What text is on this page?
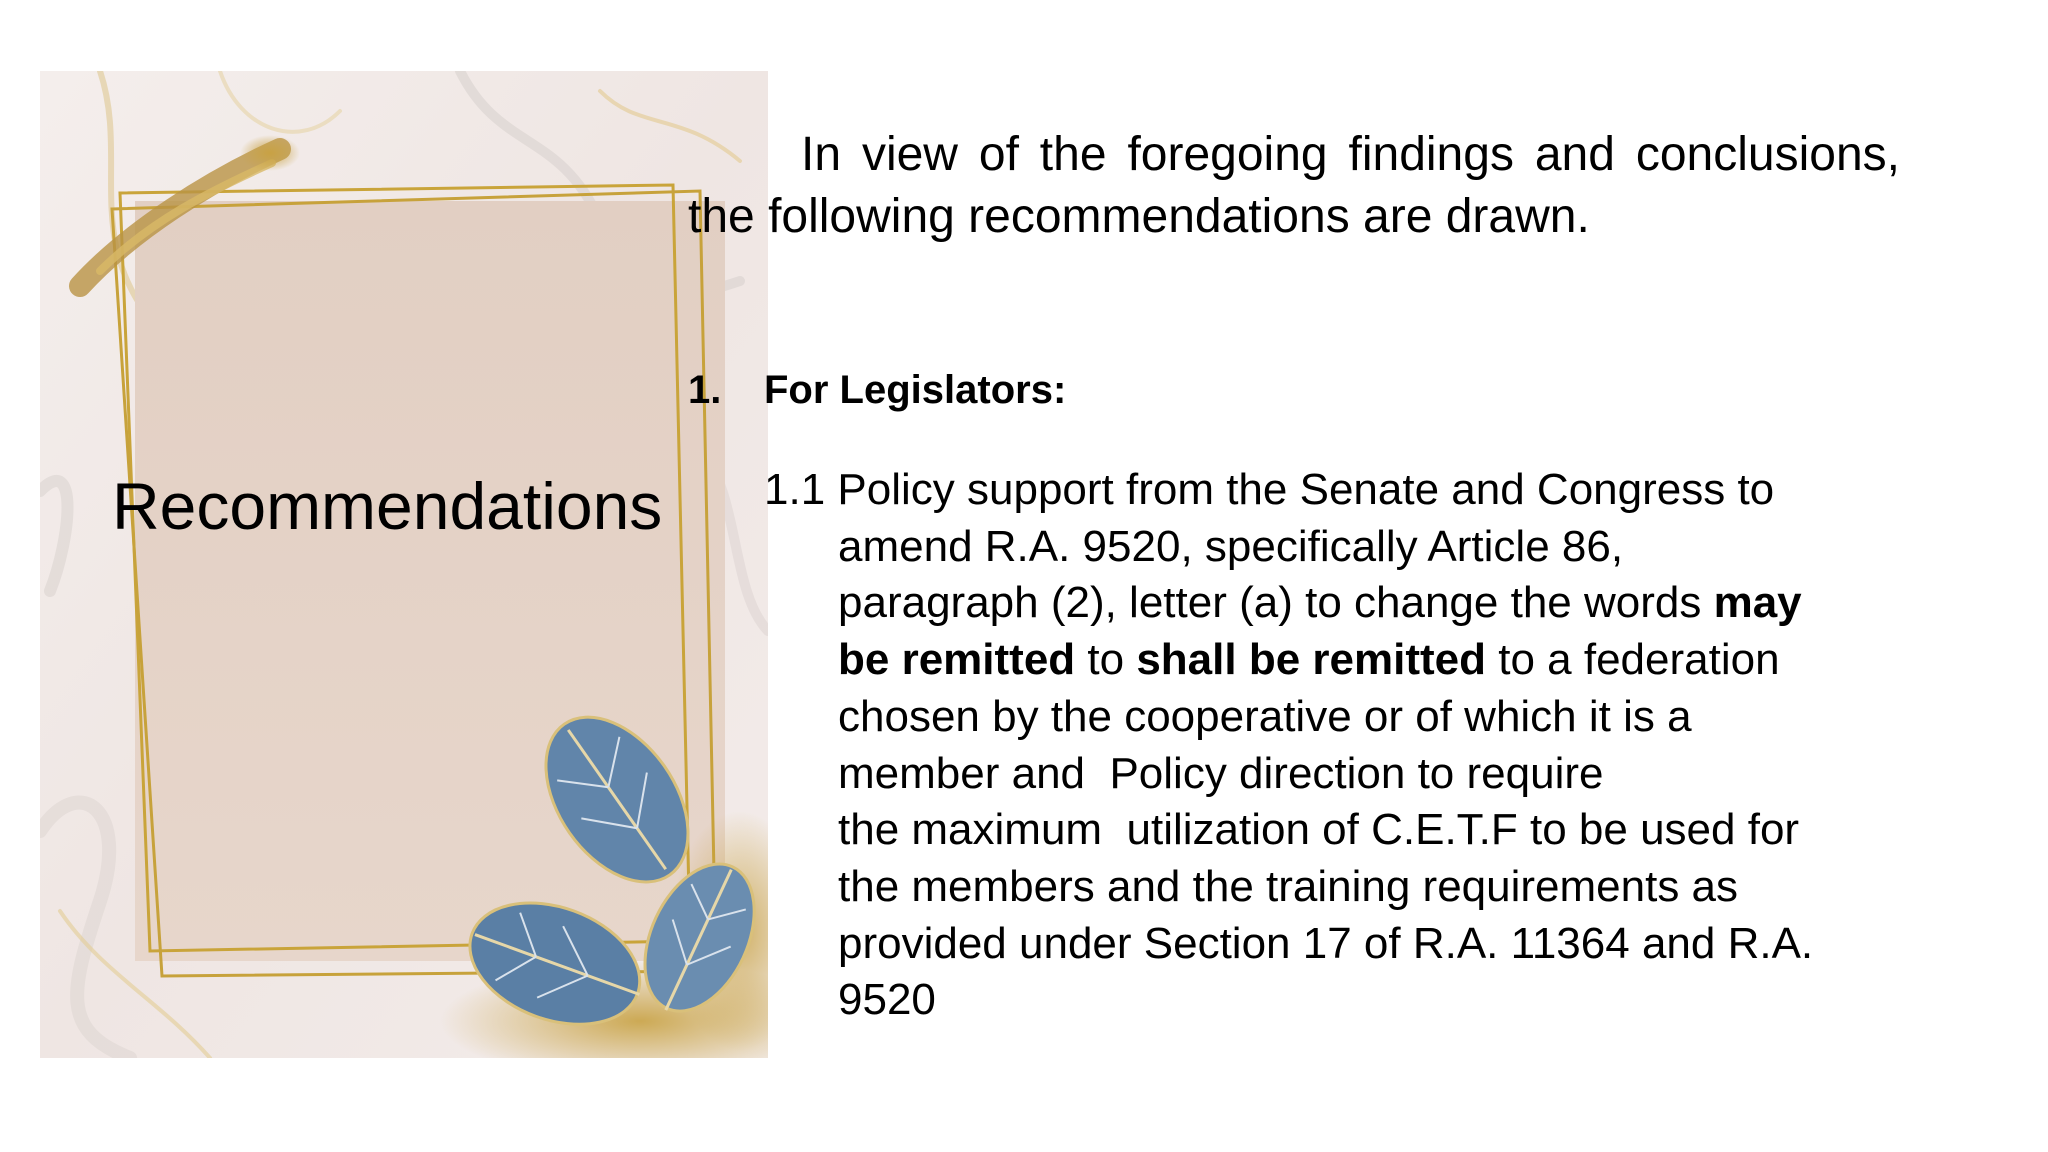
Recommendations

In view of the foregoing findings and conclusions, the following recommendations are drawn.

1. For Legislators:
1.1 Policy support from the Senate and Congress to
amend R.A. 9520, specifically Article 86,
paragraph (2), letter (a) to change the words may
be remitted to shall be remitted to a federation
chosen by the cooperative or of which it is a
member and  Policy direction to require
the maximum  utilization of C.E.T.F to be used for
the members and the training requirements as
provided under Section 17 of R.A. 11364 and R.A.
9520
